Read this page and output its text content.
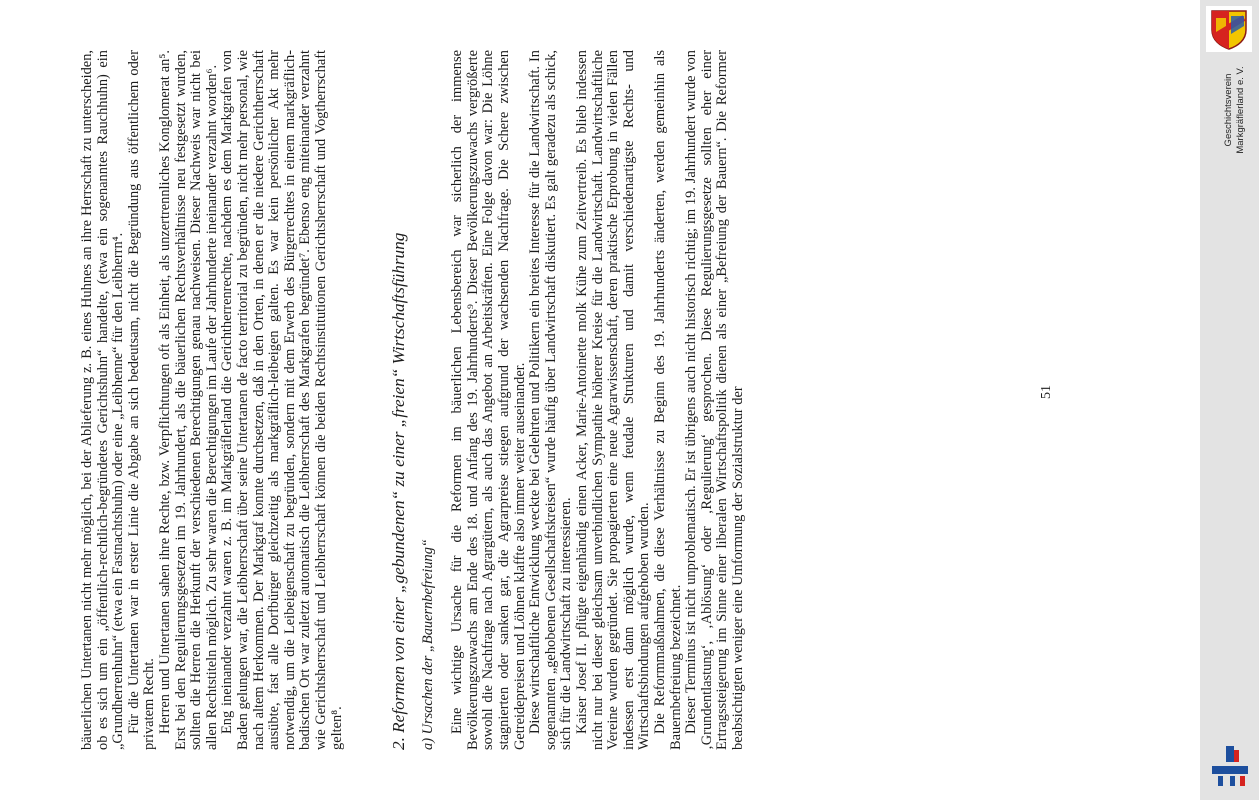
bäuerlichen Untertanen nicht mehr möglich, bei der Ablieferung z. B. eines Huhnes an ihre Herrschaft zu unterscheiden, ob es sich um ein „öffentlich-rechtlich-begründetes Gerichtshuhn“ handelte, (etwa ein sogenanntes Rauchhuhn) ein „Grundherrenhuhn“ (etwa ein Fastnachtshuhn) oder eine „Leibhenne“ für den Leibherrn⁴. Für die Untertanen war in erster Linie die Abgabe an sich bedeutsam, nicht die Begründung aus öffentlichem oder privatem Recht. Herren und Untertanen sahen ihre Rechte, bzw. Verpflichtungen oft als Einheit, als unzertrennliches Konglomerat an⁵. Erst bei den Regulierungsgesetzen im 19. Jahrhundert, als die bäuerlichen Rechtsverhältnisse neu festgesetzt wurden, sollten die Herren die Herkunft der verschiedenen Berechtigungen genau nachweisen. Dieser Nachweis war nicht bei allen Rechtstiteln möglich. Zu sehr waren die Berechtigungen im Laufe der Jahrhunderte ineinander verzahnt worden⁶. Eng ineinander verzahnt waren z. B. im Markgräflerland die Gerichtherrenrechte, nachdem es dem Markgrafen von Baden gelungen war, die Leibherrschaft über seine Untertanen de facto territorial zu begründen, nicht mehr personal, wie nach altem Herkommen. Der Markgraf konnte durchsetzen, daß in den Orten, in denen er die niedere Gerichtherrschaft ausübte, fast alle Dorfbürger gleichzeitig als markgräflich-leibeigen galten. Es war kein persönlicher Akt mehr notwendig, um die Leibeigenschaft zu begründen, sondern mit dem Erwerb des Bürgerrechtes in einem markgräflich-badischen Ort war zuletzt automatisch die Leibherrschaft des Markgrafen begründet⁷. Ebenso eng miteinander verzahnt wie Gerichtsherrschaft und Leibherrschaft können die beiden Rechtsinstitutionen Gerichtsherrschaft und Vogtherrschaft gelten⁸.	2. Reformen von einer „gebundenen“ zu einer „freien“ Wirtschaftsführung a) Ursachen der „Bauernbefreiung“ Eine wichtige Ursache für die Reformen im bäuerlichen Lebensbereich war sicherlich der immense Bevölkerungszuwachs am Ende des 18. und Anfang des 19. Jahrhunderts⁹. Dieser Bevölkerungszuwachs vergrößerte sowohl die Nachfrage nach Agrargütern, als auch das Angebot an Arbeitskräften. Eine Folge davon war: Die Löhne stagnierten oder sanken gar, die Agrarpreise stiegen aufgrund der wachsenden Nachfrage. Die Schere zwischen Getreidepreisen und Löhnen klaffte also immer weiter auseinander. Diese wirtschaftliche Entwicklung weckte bei Gelehrten und Politikern ein breites Interesse für die Landwirtschaft. In sogenannten „gehobenen Gesellschaftskreisen“ wurde häufig über Landwirtschaft diskutiert. Es galt geradezu als schick, sich für die Landwirtschaft zu interessieren. Kaiser Josef II. pflügte eigenhändig einen Acker, Marie-Antoinette molk Kühe zum Zeitvertreib. Es blieb indessen nicht nur bei dieser gleichsam unverbindlichen Sympathie höherer Kreise für die Landwirtschaft. Landwirtschaftliche Vereine wurden gegründet. Sie propagierten eine neue Agrarwissenschaft, deren praktische Erprobung in vielen Fällen indessen erst dann möglich wurde, wenn feudale Strukturen und damit verschiedenartigste Rechts- und Wirtschaftsbindungen aufgehoben wurden. Die Reformmaßnahmen, die diese Verhältnisse zu Beginn des 19. Jahrhunderts änderten, werden gemeinhin als Bauernbefreiung bezeichnet. Dieser Terminus ist nicht unproblematisch. Er ist übrigens auch nicht historisch richtig; im 19. Jahrhundert wurde von ‚Grundentlastung‘, ‚Ablösung‘ oder ‚Regulierung‘ gesprochen. Diese Regulierungsgesetze sollten eher einer Ertragssteigerung im Sinne einer liberalen Wirtschaftspolitik dienen als einer „Befreiung der Bauern“. Die Reformer beabsichtigten weniger eine Umformung der Sozialstruktur der	51
Geschichtsverein Markgräflerland e. V.
